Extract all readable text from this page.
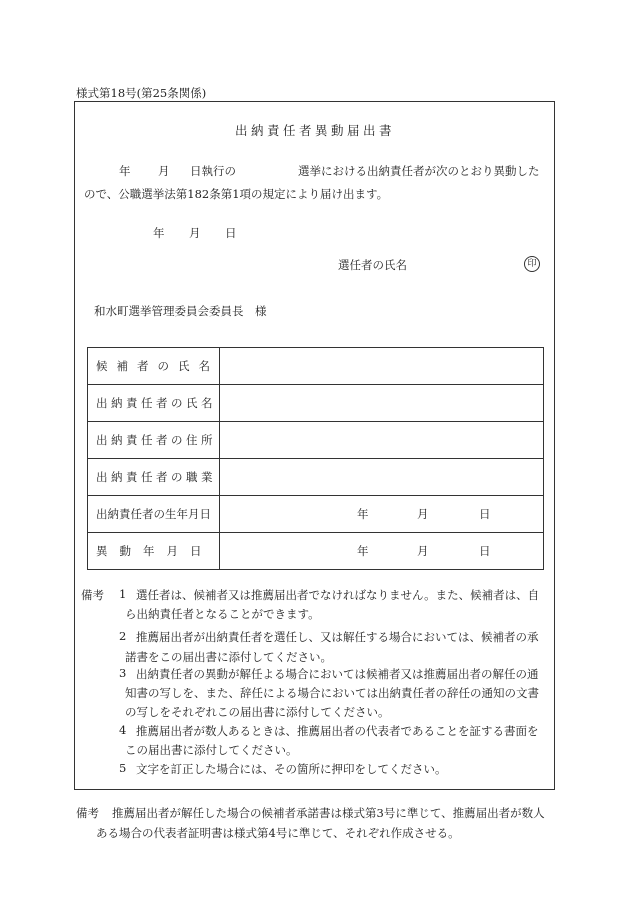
様式第18号(第25条関係)
出納責任者異動届出書
年 月 日執行の	選挙における出納責任者が次のとおり異動した
ので、公職選挙法第182条第1項の規定により届け出ます。
年 月 日
選任者の氏名	印
和水町選挙管理委員会委員長　様
候補者の氏名	
出納責任者の氏名	
出納責任者の住所	
出納責任者の職業	
出納責任者の生年月日	年 月 日

異動年月日	年 月 日
備考 1 選任者は、候補者又は推薦届出者でなければなりません。また、候補者は、自
ら出納責任者となることができます。
2 推薦届出者が出納責任者を選任し、又は解任する場合においては、候補者の承
諾書をこの届出書に添付してください。
3 出納責任者の異動が解任よる場合においては候補者又は推薦届出者の解任の通
知書の写しを、また、辞任による場合においては出納責任者の辞任の通知の文書
の写しをそれぞれこの届出書に添付してください。
4 推薦届出者が数人あるときは、推薦届出者の代表者であることを証する書面を
この届出書に添付してください。
5 文字を訂正した場合には、その箇所に押印をしてください。
備考 推薦届出者が解任した場合の候補者承諾書は様式第3号に準じて、推薦届出者が数人
ある場合の代表者証明書は様式第4号に準じて、それぞれ作成させる。
